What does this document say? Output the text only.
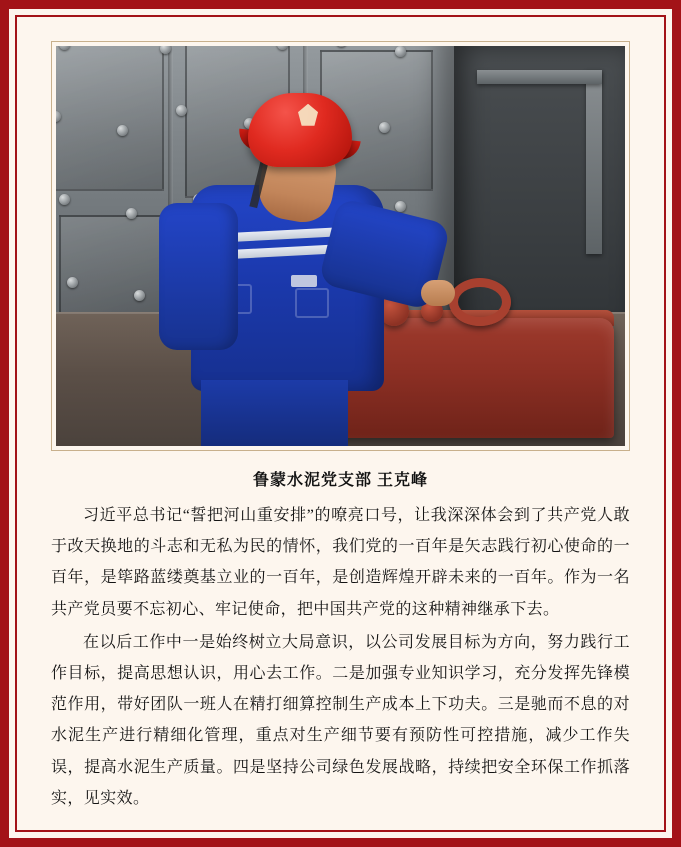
鲁蒙水泥党支部 王克峰

习近平总书记“誓把河山重安排”的嘹亮口号，让我深深体会到了共产党人敢于改天换地的斗志和无私为民的情怀，我们党的一百年是矢志践行初心使命的一百年，是筚路蓝缕奠基立业的一百年，是创造辉煌开辟未来的一百年。作为一名共产党员要不忘初心、牢记使命，把中国共产党的这种精神继承下去。

在以后工作中一是始终树立大局意识，以公司发展目标为方向，努力践行工作目标，提高思想认识，用心去工作。二是加强专业知识学习，充分发挥先锋模范作用，带好团队一班人在精打细算控制生产成本上下功夫。三是驰而不息的对水泥生产进行精细化管理，重点对生产细节要有预防性可控措施，减少工作失误，提高水泥生产质量。四是坚持公司绿色发展战略，持续把安全环保工作抓落实，见实效。
